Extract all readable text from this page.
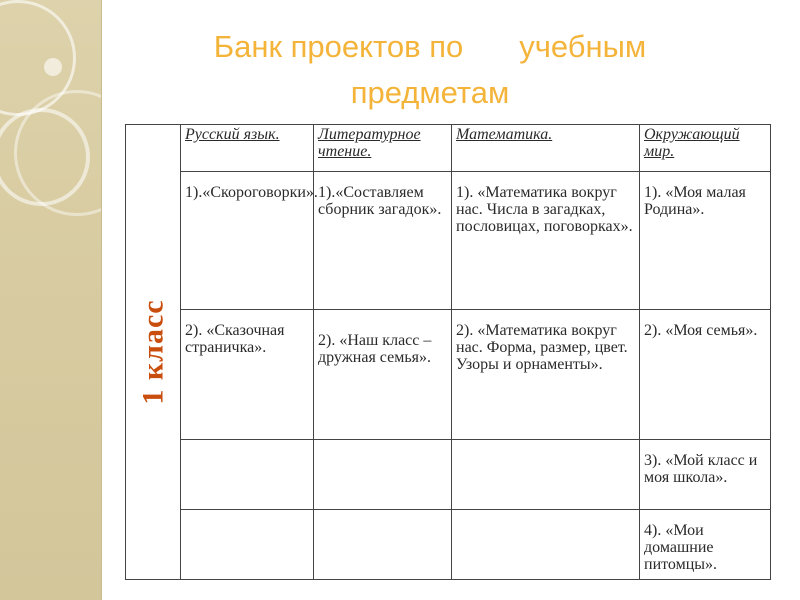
Банк проектов по учебным
предметам
1 класс	Русский язык.	Литературное чтение.	Математика.	Окружающий мир.

	1).«Скороговорки».	1).«Составляем сборник загадок».	1). «Математика вокруг нас. Числа в загадках, пословицах, поговорках».	1). «Моя малая Родина».

	2). «Сказочная страничка».	2). «Наш класс – дружная семья».	2). «Математика вокруг нас. Форма, размер, цвет. Узоры и орнаменты».	2). «Моя семья».

				3). «Мой класс и моя школа».

				4). «Мои домашние питомцы».
